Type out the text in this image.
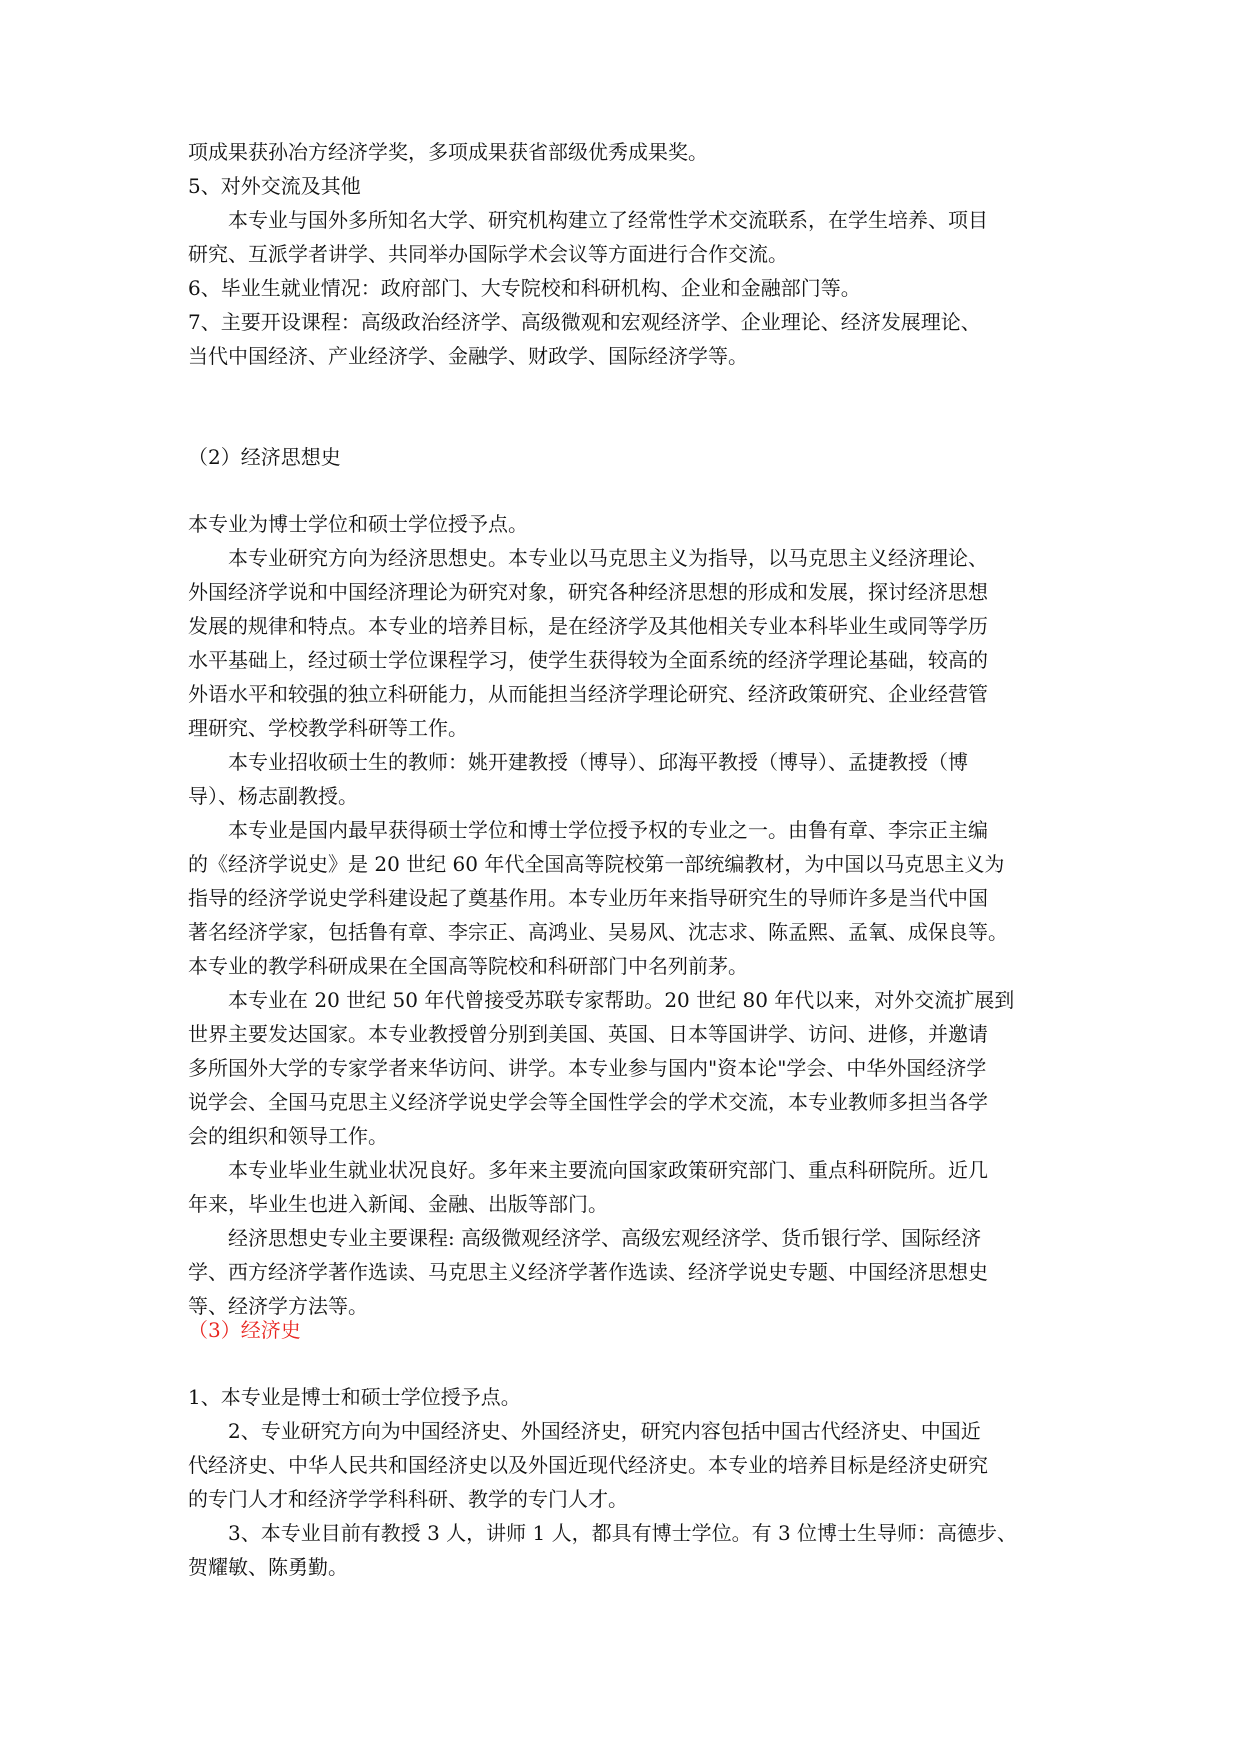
项成果获孙冶方经济学奖，多项成果获省部级优秀成果奖。
5、对外交流及其他
本专业与国外多所知名大学、研究机构建立了经常性学术交流联系，在学生培养、项目
研究、互派学者讲学、共同举办国际学术会议等方面进行合作交流。
6、毕业生就业情况：政府部门、大专院校和科研机构、企业和金融部门等。
7、主要开设课程：高级政治经济学、高级微观和宏观经济学、企业理论、经济发展理论、
当代中国经济、产业经济学、金融学、财政学、国际经济学等。
（2）经济思想史
本专业为博士学位和硕士学位授予点。
本专业研究方向为经济思想史。本专业以马克思主义为指导，以马克思主义经济理论、
外国经济学说和中国经济理论为研究对象，研究各种经济思想的形成和发展，探讨经济思想
发展的规律和特点。本专业的培养目标，是在经济学及其他相关专业本科毕业生或同等学历
水平基础上，经过硕士学位课程学习，使学生获得较为全面系统的经济学理论基础，较高的
外语水平和较强的独立科研能力，从而能担当经济学理论研究、经济政策研究、企业经营管
理研究、学校教学科研等工作。
本专业招收硕士生的教师：姚开建教授（博导）、邱海平教授（博导）、孟捷教授（博
导）、杨志副教授。
本专业是国内最早获得硕士学位和博士学位授予权的专业之一。由鲁有章、李宗正主编
的《经济学说史》是 20 世纪 60 年代全国高等院校第一部统编教材，为中国以马克思主义为
指导的经济学说史学科建设起了奠基作用。本专业历年来指导研究生的导师许多是当代中国
著名经济学家，包括鲁有章、李宗正、高鸿业、吴易风、沈志求、陈孟熙、孟氧、成保良等。
本专业的教学科研成果在全国高等院校和科研部门中名列前茅。
本专业在 20 世纪 50 年代曾接受苏联专家帮助。20 世纪 80 年代以来，对外交流扩展到
世界主要发达国家。本专业教授曾分别到美国、英国、日本等国讲学、访问、进修，并邀请
多所国外大学的专家学者来华访问、讲学。本专业参与国内"资本论"学会、中华外国经济学
说学会、全国马克思主义经济学说史学会等全国性学会的学术交流，本专业教师多担当各学
会的组织和领导工作。
本专业毕业生就业状况良好。多年来主要流向国家政策研究部门、重点科研院所。近几
年来，毕业生也进入新闻、金融、出版等部门。
经济思想史专业主要课程: 高级微观经济学、高级宏观经济学、货币银行学、国际经济
学、西方经济学著作选读、马克思主义经济学著作选读、经济学说史专题、中国经济思想史
等、经济学方法等。
（3）经济史
1、本专业是博士和硕士学位授予点。
2、专业研究方向为中国经济史、外国经济史，研究内容包括中国古代经济史、中国近
代经济史、中华人民共和国经济史以及外国近现代经济史。本专业的培养目标是经济史研究
的专门人才和经济学学科科研、教学的专门人才。
3、本专业目前有教授 3 人，讲师 1 人，都具有博士学位。有 3 位博士生导师：高德步、
贺耀敏、陈勇勤。
